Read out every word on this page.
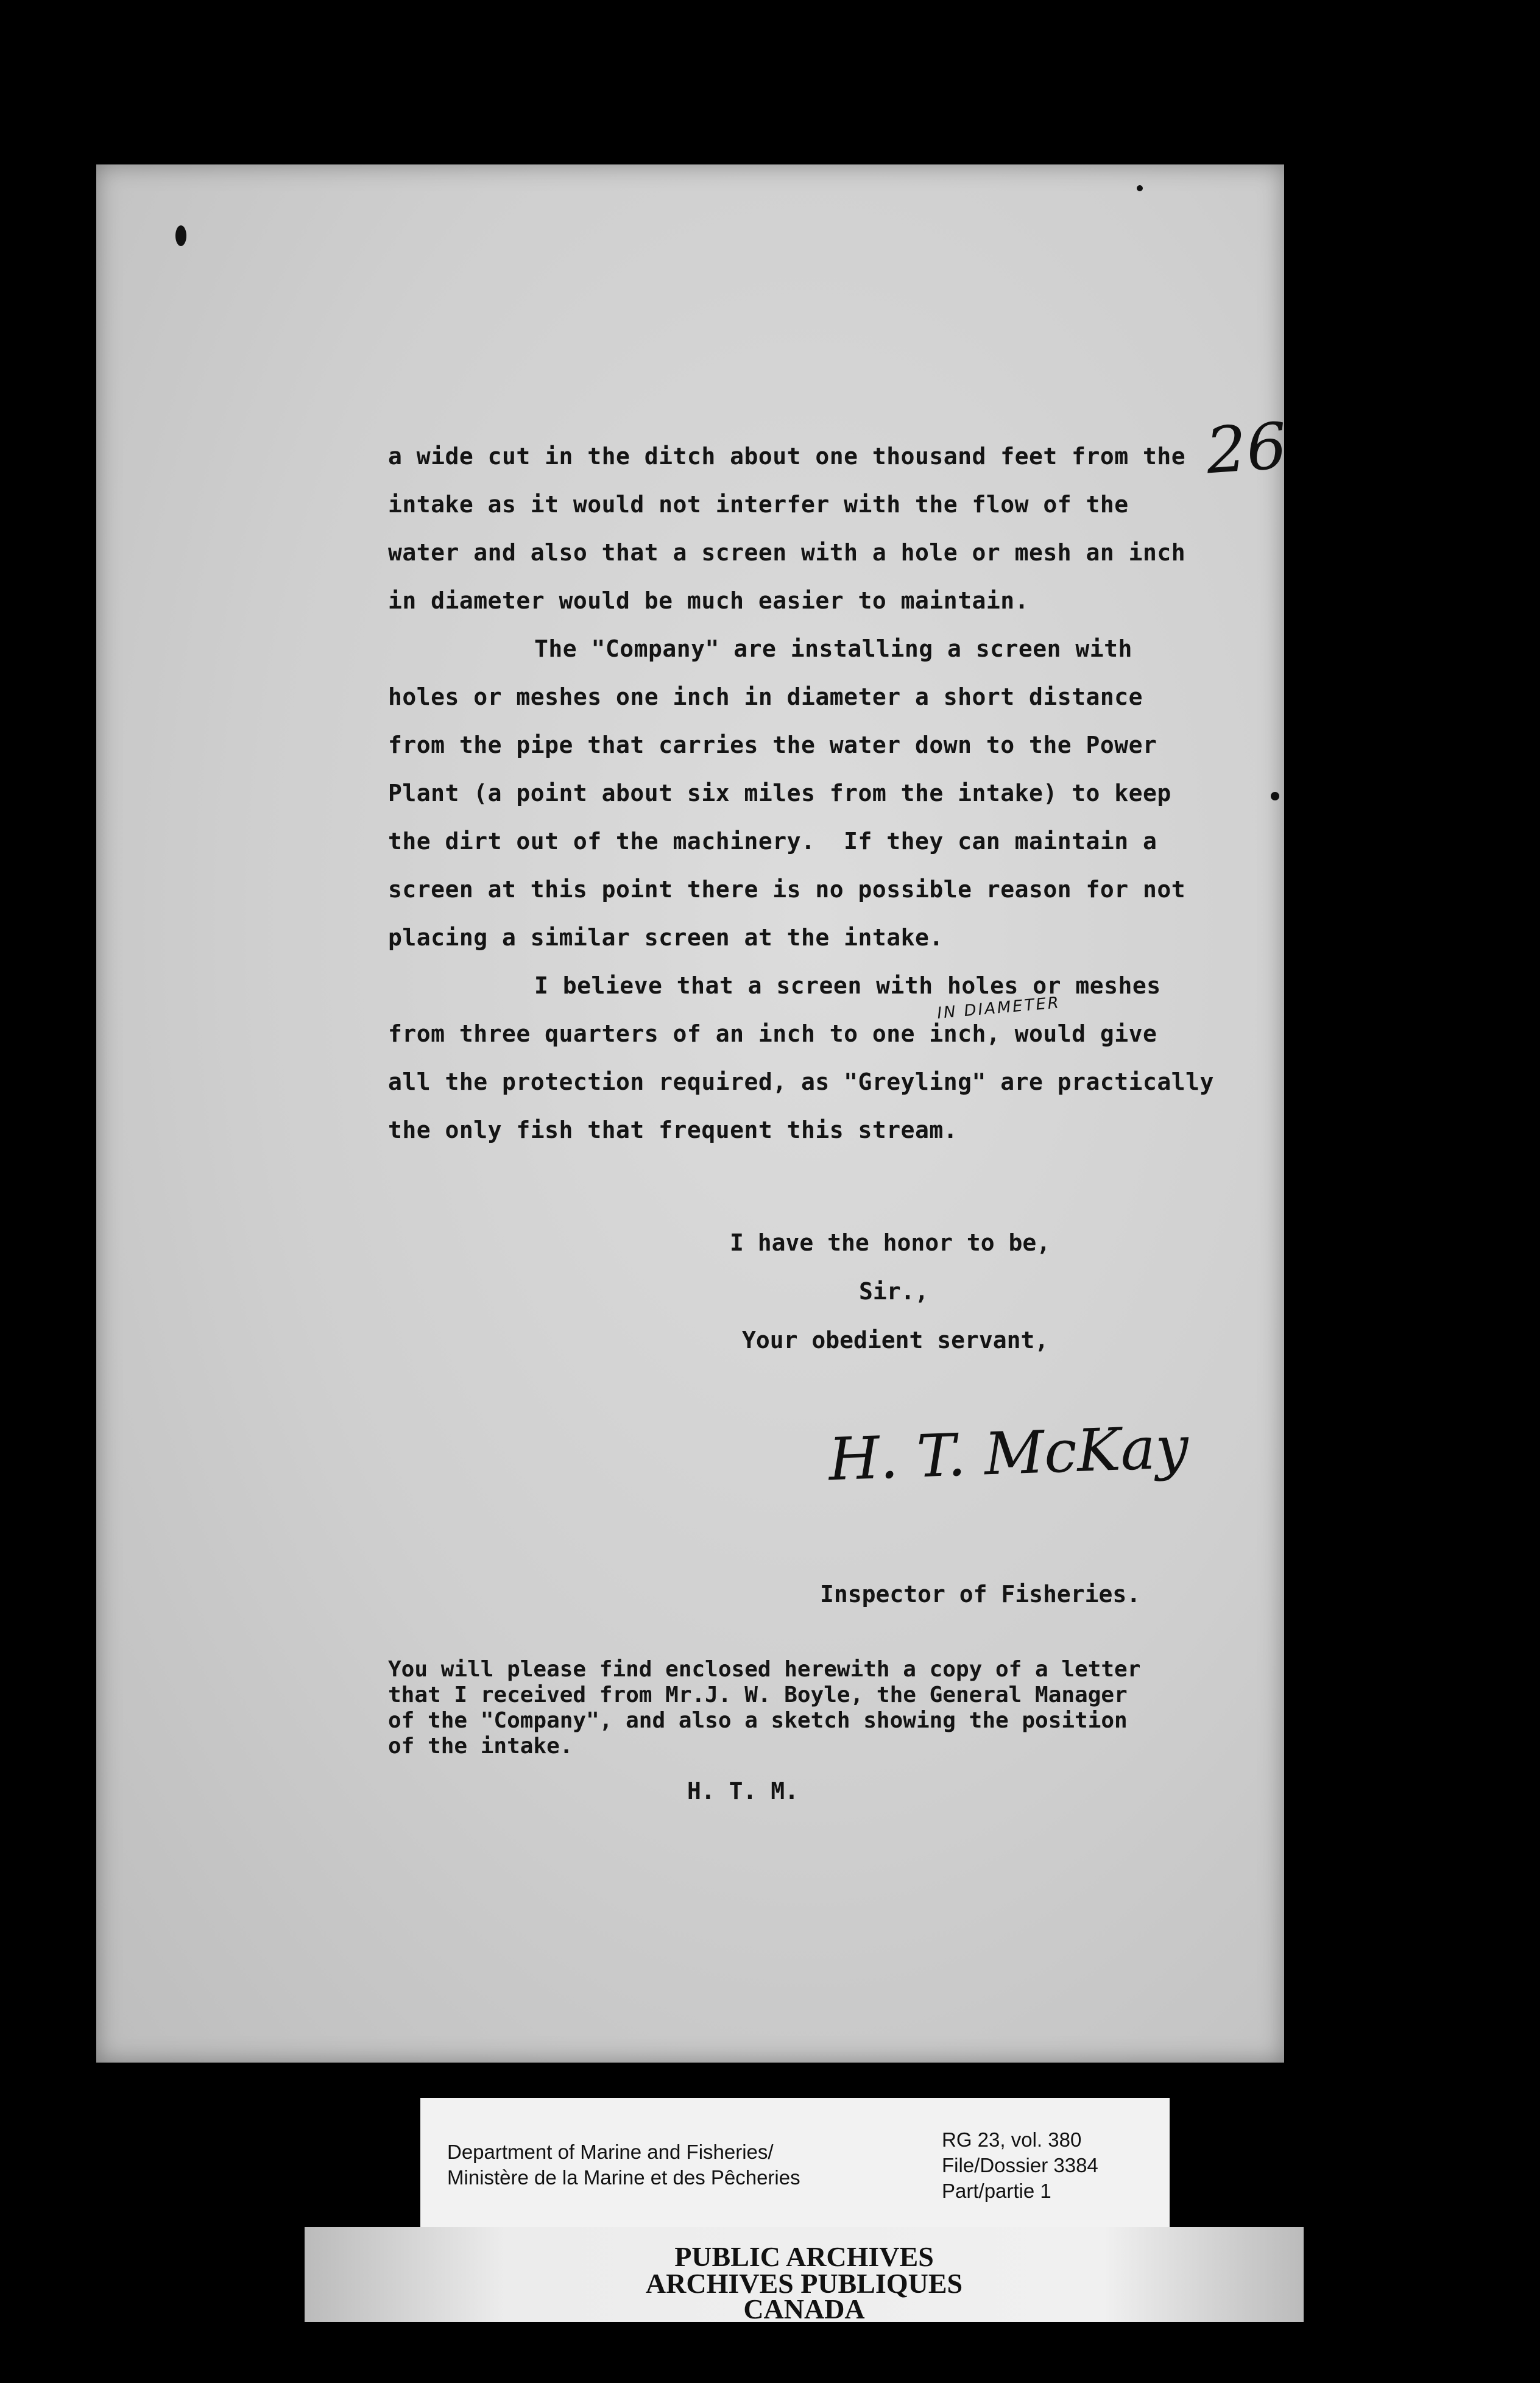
26

a wide cut in the ditch about one thousand feet from the
intake as it would not interfer with the flow of the
water and also that a screen with a hole or mesh an inch
in diameter would be much easier to maintain.

The "Company" are installing a screen with
holes or meshes one inch in diameter a short distance
from the pipe that carries the water down to the Power
Plant (a point about six miles from the intake) to keep
the dirt out of the machinery.  If they can maintain a
screen at this point there is no possible reason for not
placing a similar screen at the intake.

I believe that a screen with holes or meshes
from three quarters of an inch to one inch, would give
all the protection required, as "Greyling" are practically
the only fish that frequent this stream.

IN DIAMETER
I have the honor to be,
Sir.,
Your obedient servant,
H. T. McKay
Inspector of Fisheries.
You will please find enclosed herewith a copy of a letter
that I received from Mr.J. W. Boyle, the General Manager
of the "Company", and also a sketch showing the position
of the intake.
H. T. M.
Department of Marine and Fisheries/
Ministère de la Marine et des Pêcheries
RG 23, vol. 380
File/Dossier 3384
Part/partie 1
PUBLIC ARCHIVES
ARCHIVES PUBLIQUES
CANADA
